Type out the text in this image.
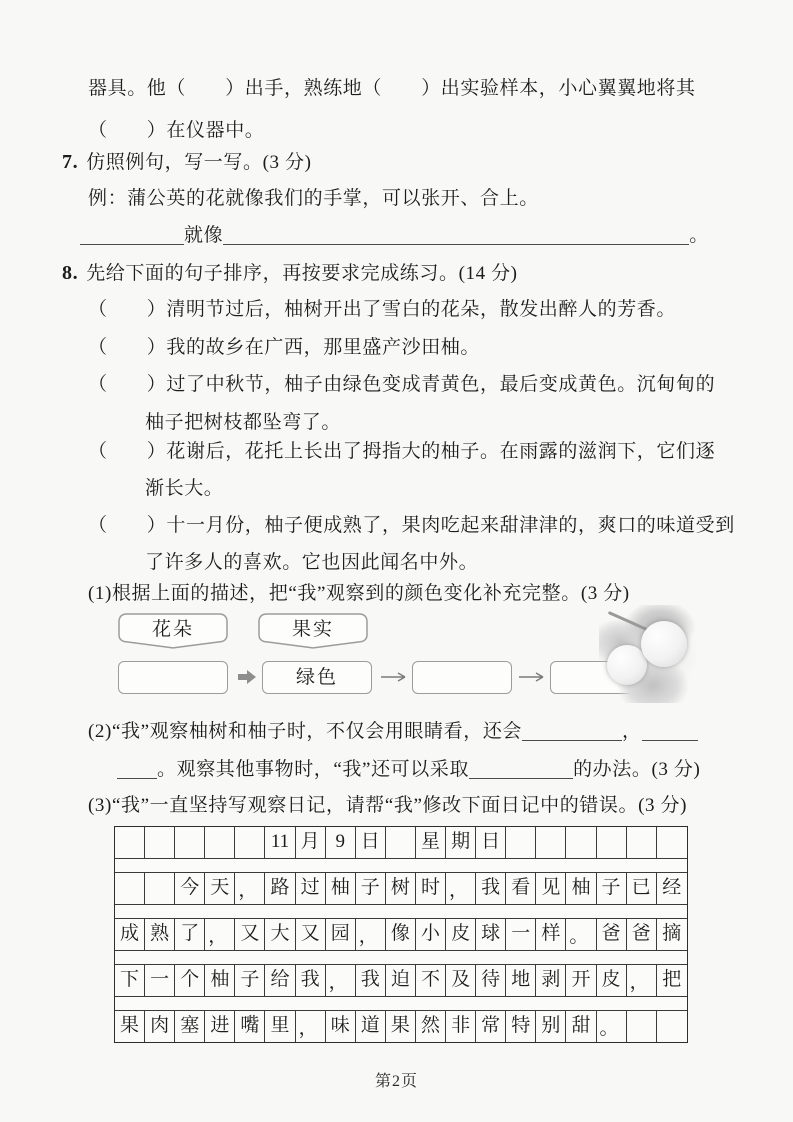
器具。他（　　）出手，熟练地（　　）出实验样本，小心翼翼地将其
（　　）在仪器中。
7. 仿照例句，写一写。(3 分)
例：蒲公英的花就像我们的手掌，可以张开、合上。
就像	。
8. 先给下面的句子排序，再按要求完成练习。(14 分)
（　　）清明节过后，柚树开出了雪白的花朵，散发出醉人的芳香。
（　　）我的故乡在广西，那里盛产沙田柚。
（　　）过了中秋节，柚子由绿色变成青黄色，最后变成黄色。沉甸甸的
柚子把树枝都坠弯了。
（　　）花谢后，花托上长出了拇指大的柚子。在雨露的滋润下，它们逐
渐长大。
（　　）十一月份，柚子便成熟了，果肉吃起来甜津津的，爽口的味道受到
了许多人的喜欢。它也因此闻名中外。
(1)根据上面的描述，把“我”观察到的颜色变化补充完整。(3 分)
花朵	果实
绿色
(2)“我”观察柚树和柚子时，不仅会用眼睛看，还会	，
。观察其他事物时，“我”还可以采取	的办法。(3 分)
(3)“我”一直坚持写观察日记，请帮“我”修改下面日记中的错误。(3 分)
11 月 9 日	星 期 日
今 天 ， 路 过 柚 子 树 时 ， 我 看 见 柚 子 已 经
成 熟 了 ， 又 大 又 园 ， 像 小 皮 球 一 样 。 爸 爸 摘
下 一 个 柚 子 给 我 ， 我 迫 不 及 待 地 剥 开 皮 ， 把
果 肉 塞 进 嘴 里 ， 味 道 果 然 非 常 特 别 甜 。
第2页
